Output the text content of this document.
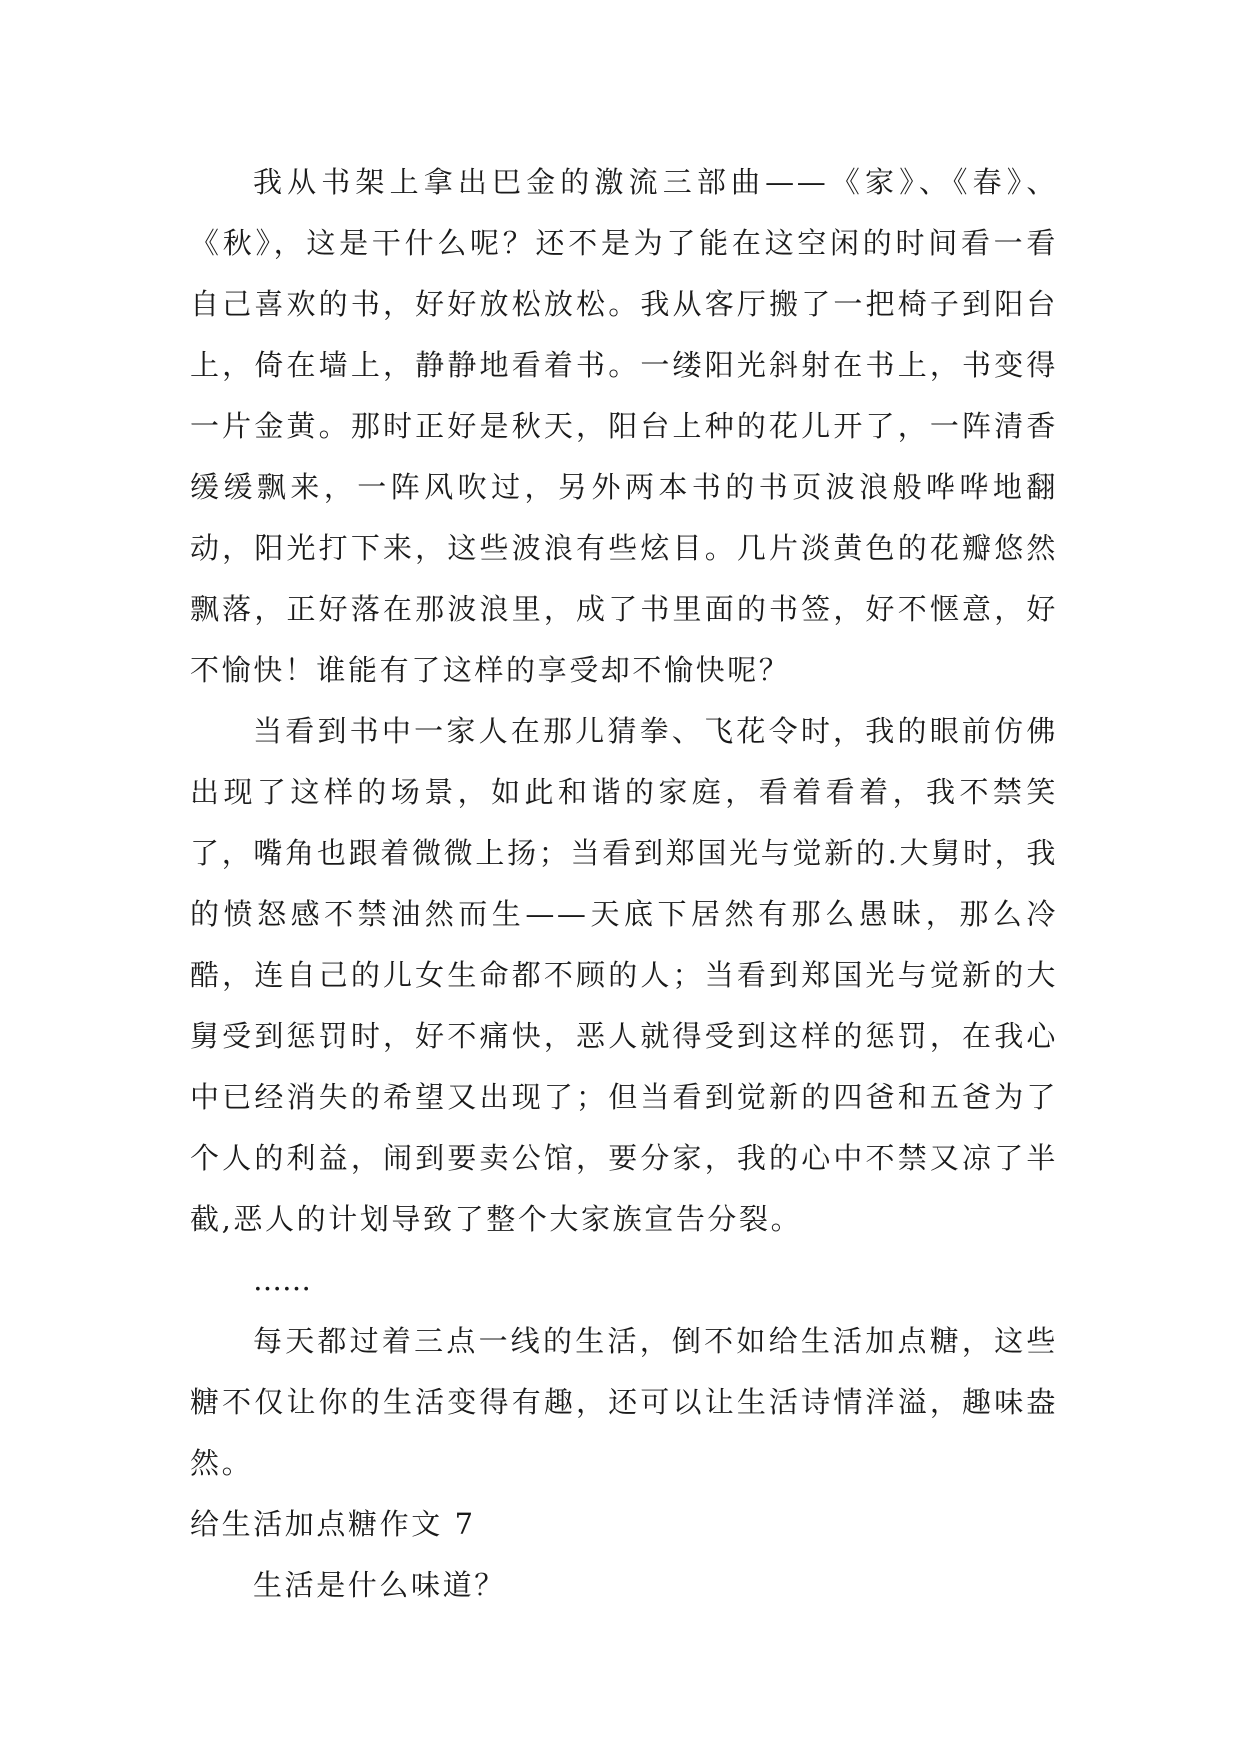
我从书架上拿出巴金的激流三部曲——《家》、《春》、《秋》，这是干什么呢？还不是为了能在这空闲的时间看一看自己喜欢的书，好好放松放松。我从客厅搬了一把椅子到阳台上，倚在墙上，静静地看着书。一缕阳光斜射在书上，书变得一片金黄。那时正好是秋天，阳台上种的花儿开了，一阵清香缓缓飘来，一阵风吹过，另外两本书的书页波浪般哗哗地翻动，阳光打下来，这些波浪有些炫目。几片淡黄色的花瓣悠然飘落，正好落在那波浪里，成了书里面的书签，好不惬意，好不愉快！谁能有了这样的享受却不愉快呢？

当看到书中一家人在那儿猜拳、飞花令时，我的眼前仿佛出现了这样的场景，如此和谐的家庭，看着看着，我不禁笑了，嘴角也跟着微微上扬；当看到郑国光与觉新的.大舅时，我的愤怒感不禁油然而生——天底下居然有那么愚昧，那么冷酷，连自己的儿女生命都不顾的人；当看到郑国光与觉新的大舅受到惩罚时，好不痛快，恶人就得受到这样的惩罚，在我心中已经消失的希望又出现了；但当看到觉新的四爸和五爸为了个人的利益，闹到要卖公馆，要分家，我的心中不禁又凉了半截,恶人的计划导致了整个大家族宣告分裂。

……

每天都过着三点一线的生活，倒不如给生活加点糖，这些糖不仅让你的生活变得有趣，还可以让生活诗情洋溢，趣味盎然。

给生活加点糖作文 7

生活是什么味道？
